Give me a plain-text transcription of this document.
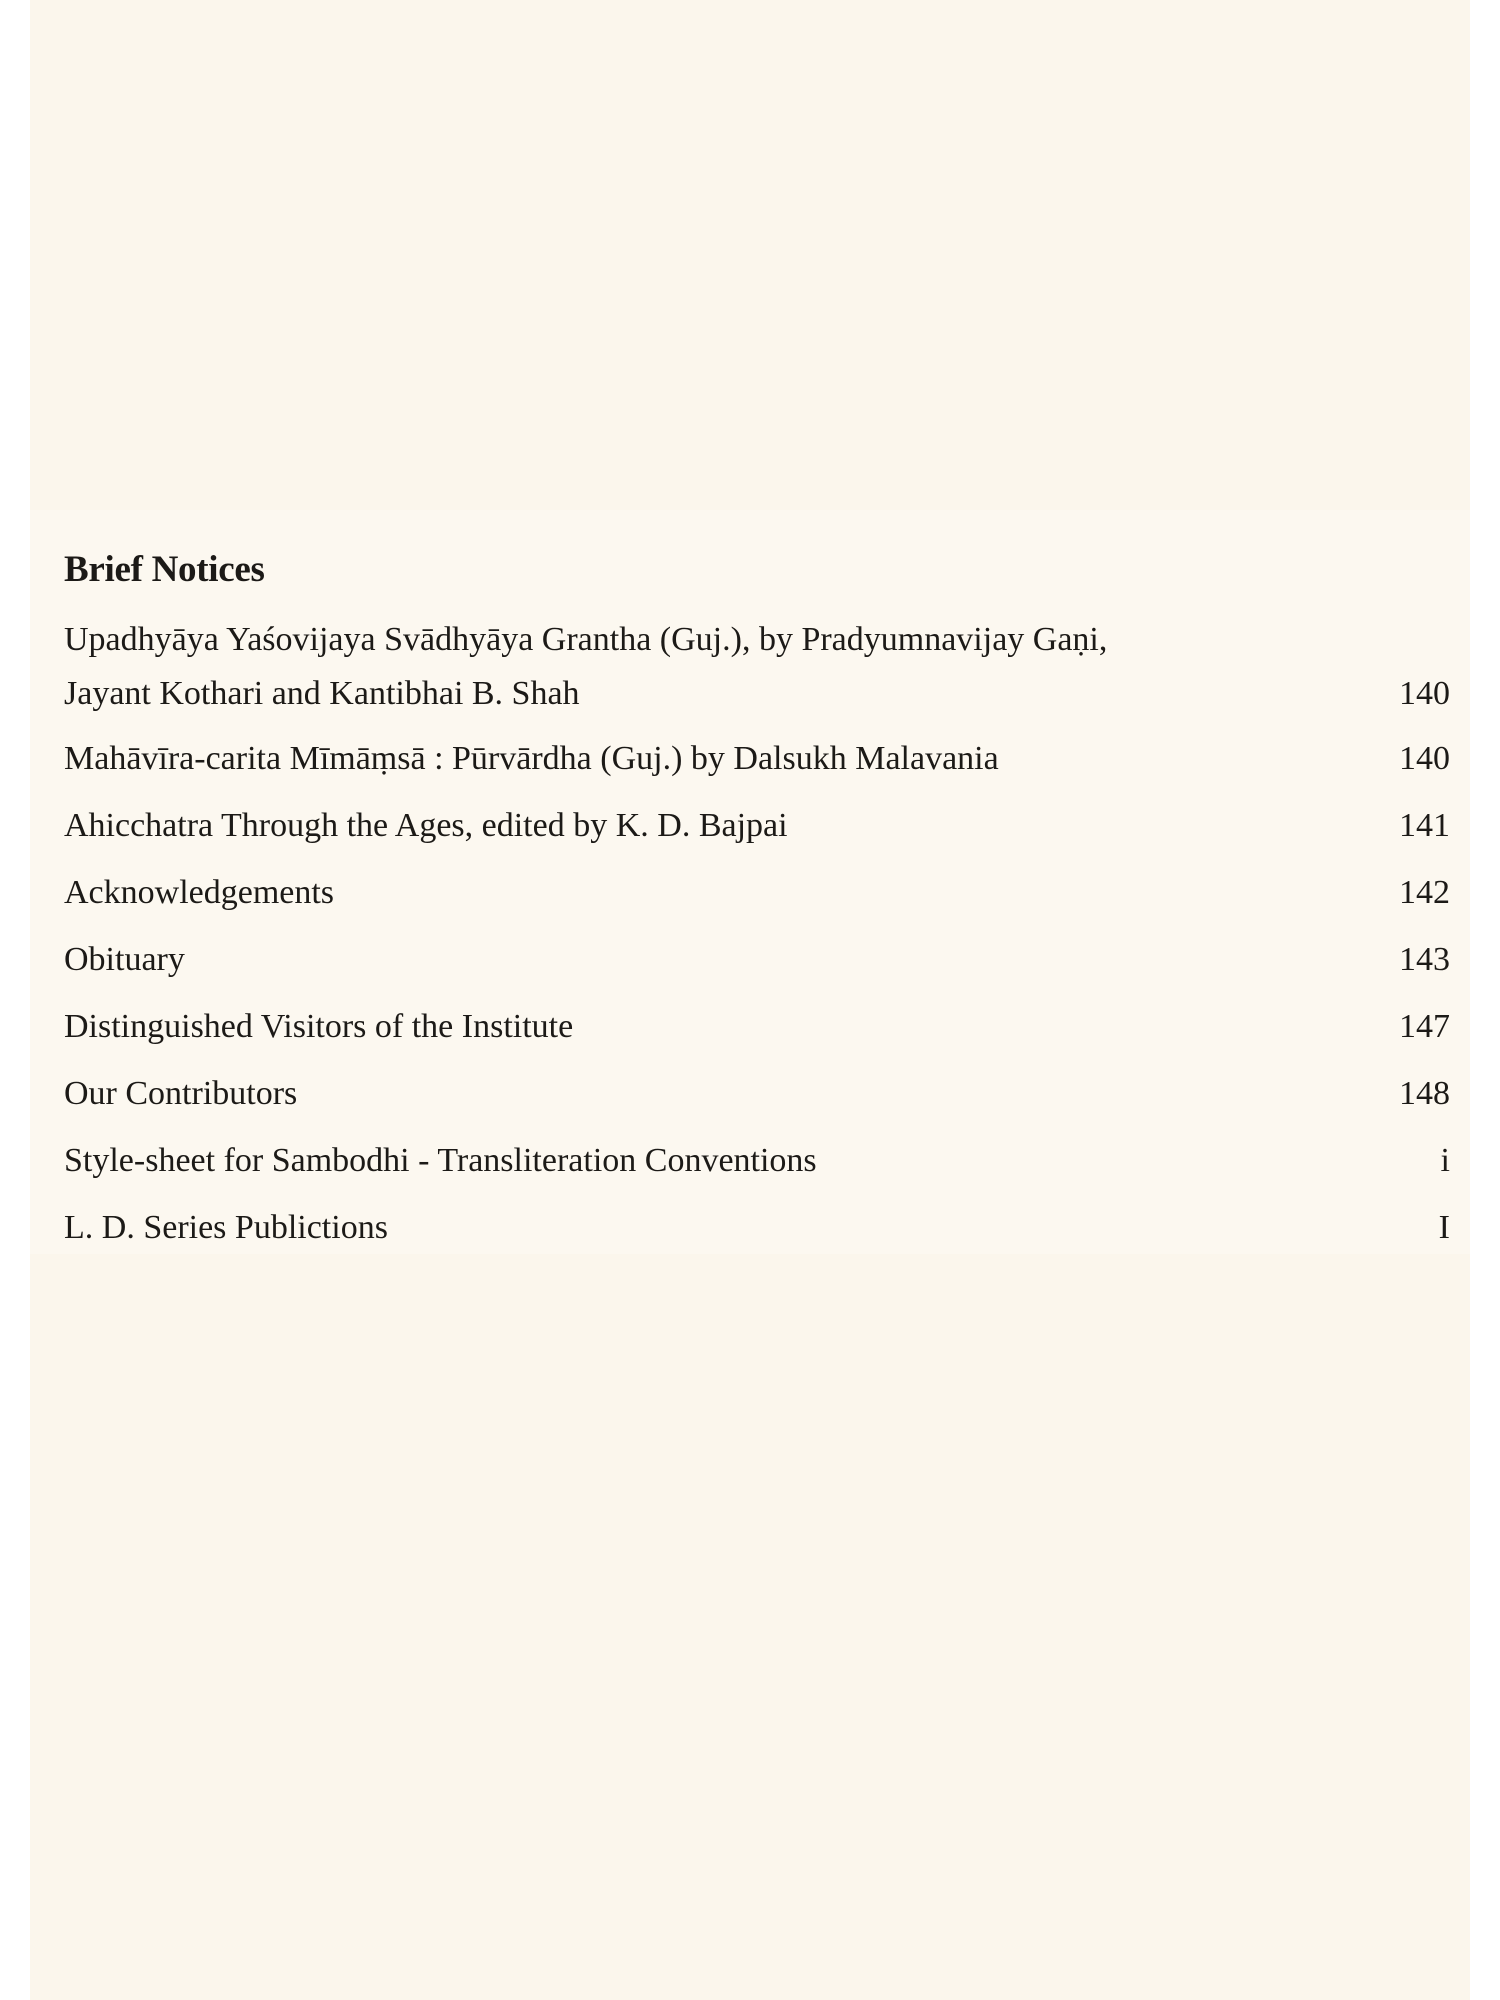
Brief Notices
Upadhyāya Yaśovijaya Svādhyāya Grantha (Guj.), by Pradyumnavijay Gaṇi,
Jayant Kothari and Kantibhai B. Shah	140
Mahāvīra-carita Mīmāṃsā : Pūrvārdha (Guj.) by Dalsukh Malavania	140
Ahicchatra Through the Ages, edited by K. D. Bajpai	141
Acknowledgements	142
Obituary	143
Distinguished Visitors of the Institute	147
Our Contributors	148
Style-sheet for Sambodhi - Transliteration Conventions	i
L. D. Series Publictions	I
